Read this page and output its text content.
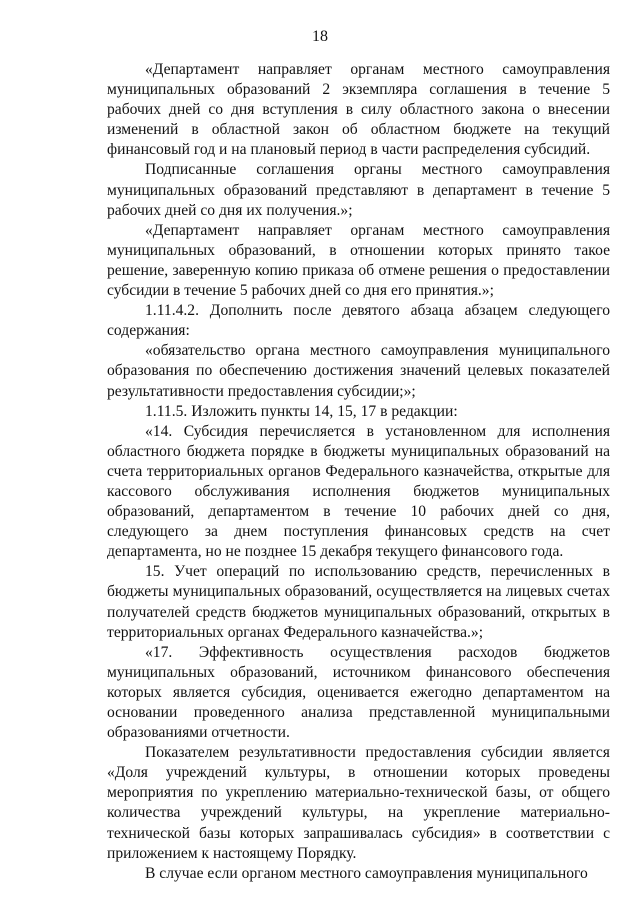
18

«Департамент направляет органам местного самоуправления муниципальных образований 2 экземпляра соглашения в течение 5 рабочих дней со дня вступления в силу областного закона о внесении изменений в областной закон об областном бюджете на текущий финансовый год и на плановый период в части распределения субсидий.

Подписанные соглашения органы местного самоуправления муниципальных образований представляют в департамент в течение 5 рабочих дней со дня их получения.»;

«Департамент направляет органам местного самоуправления муниципальных образований, в отношении которых принято такое решение, заверенную копию приказа об отмене решения о предоставлении субсидии в течение 5 рабочих дней со дня его принятия.»;

1.11.4.2. Дополнить после девятого абзаца абзацем следующего содержания:

«обязательство органа местного самоуправления муниципального образования по обеспечению достижения значений целевых показателей результативности предоставления субсидии;»;

1.11.5. Изложить пункты 14, 15, 17 в редакции:

«14. Субсидия перечисляется в установленном для исполнения областного бюджета порядке в бюджеты муниципальных образований на счета территориальных органов Федерального казначейства, открытые для кассового обслуживания исполнения бюджетов муниципальных образований, департаментом в течение 10 рабочих дней со дня, следующего за днем поступления финансовых средств на счет департамента, но не позднее 15 декабря текущего финансового года.

15. Учет операций по использованию средств, перечисленных в бюджеты муниципальных образований, осуществляется на лицевых счетах получателей средств бюджетов муниципальных образований, открытых в территориальных органах Федерального казначейства.»;

«17. Эффективность осуществления расходов бюджетов муниципальных образований, источником финансового обеспечения которых является субсидия, оценивается ежегодно департаментом на основании проведенного анализа представленной муниципальными образованиями отчетности.

Показателем результативности предоставления субсидии является «Доля учреждений культуры, в отношении которых проведены мероприятия по укреплению материально-технической базы, от общего количества учреждений культуры, на укрепление материально-технической базы которых запрашивалась субсидия» в соответствии с приложением к настоящему Порядку.

В случае если органом местного самоуправления муниципального
